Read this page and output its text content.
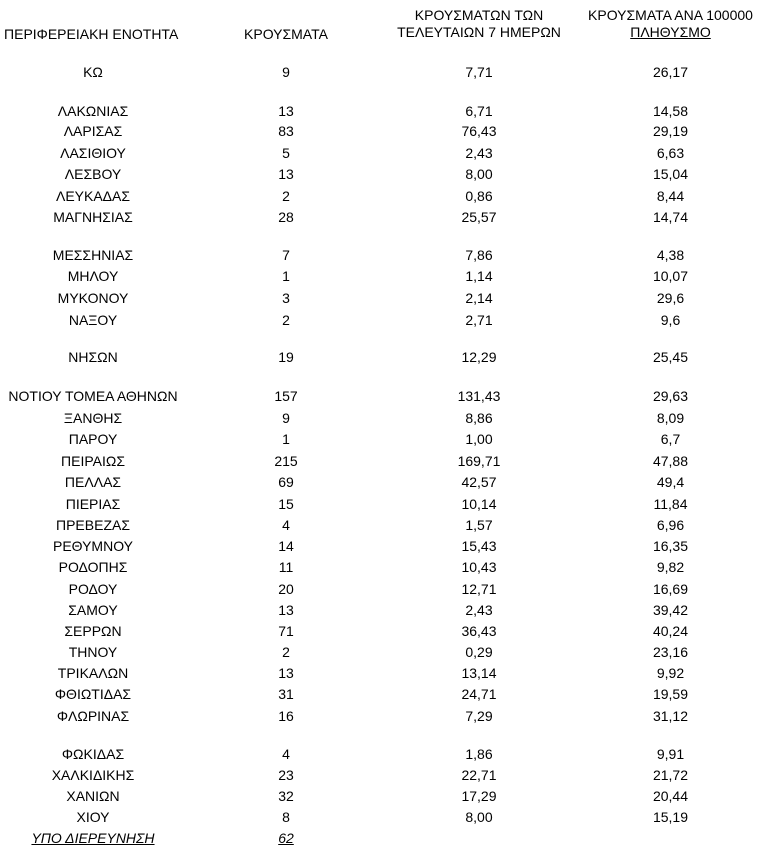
ΠΕΡΙΦΕΡΕΙΑΚΗ ΕΝΟΤΗΤΑ	ΚΡΟΥΣΜΑΤΑ
ΚΡΟΥΣΜΑΤΩΝ ΤΩΝ
ΤΕΛΕΥΤΑΙΩΝ 7 ΗΜΕΡΩΝ
ΚΡΟΥΣΜΑΤΑ ΑΝΑ 100000
ΠΛΗΘΥΣΜΟ
ΚΩ	9	7,71	26,17
ΛΑΚΩΝΙΑΣ	13	6,71	14,58
ΛΑΡΙΣΑΣ	83	76,43	29,19
ΛΑΣΙΘΙΟΥ	5	2,43	6,63
ΛΕΣΒΟΥ	13	8,00	15,04
ΛΕΥΚΑΔΑΣ	2	0,86	8,44
ΜΑΓΝΗΣΙΑΣ	28	25,57	14,74
ΜΕΣΣΗΝΙΑΣ	7	7,86	4,38
ΜΗΛΟΥ	1	1,14	10,07
ΜΥΚΟΝΟΥ	3	2,14	29,6
ΝΑΞΟΥ	2	2,71	9,6
ΝΗΣΩΝ	19	12,29	25,45
ΝΟΤΙΟΥ ΤΟΜΕΑ ΑΘΗΝΩΝ	157	131,43	29,63
ΞΑΝΘΗΣ	9	8,86	8,09
ΠΑΡΟΥ	1	1,00	6,7
ΠΕΙΡΑΙΩΣ	215	169,71	47,88
ΠΕΛΛΑΣ	69	42,57	49,4
ΠΙΕΡΙΑΣ	15	10,14	11,84
ΠΡΕΒΕΖΑΣ	4	1,57	6,96
ΡΕΘΥΜΝΟΥ	14	15,43	16,35
ΡΟΔΟΠΗΣ	11	10,43	9,82
ΡΟΔΟΥ	20	12,71	16,69
ΣΑΜΟΥ	13	2,43	39,42
ΣΕΡΡΩΝ	71	36,43	40,24
ΤΗΝΟΥ	2	0,29	23,16
ΤΡΙΚΑΛΩΝ	13	13,14	9,92
ΦΘΙΩΤΙΔΑΣ	31	24,71	19,59
ΦΛΩΡΙΝΑΣ	16	7,29	31,12
ΦΩΚΙΔΑΣ	4	1,86	9,91
ΧΑΛΚΙΔΙΚΗΣ	23	22,71	21,72
ΧΑΝΙΩΝ	32	17,29	20,44
ΧΙΟΥ	8	8,00	15,19
ΥΠΟ ΔΙΕΡΕΥΝΗΣΗ	62
